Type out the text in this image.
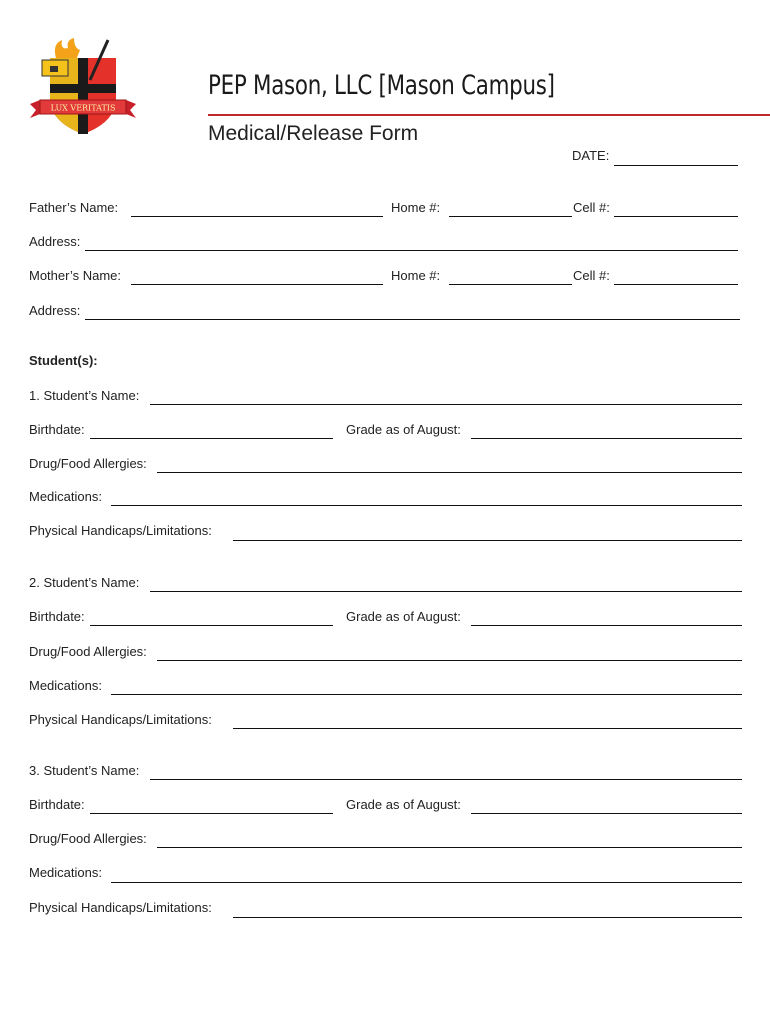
LUX VERITATIS
PEP Mason, LLC [Mason Campus]
Medical/Release Form
DATE:
Father’s Name:	Home #:	Cell #:
Address:
Mother’s Name:	Home #:	Cell #:
Address:
Student(s):
1. Student’s Name:
Birthdate:	Grade as of August:
Drug/Food Allergies:
Medications:
Physical Handicaps/Limitations:
2. Student’s Name:
Birthdate:	Grade as of August:
Drug/Food Allergies:
Medications:
Physical Handicaps/Limitations:
3. Student’s Name:
Birthdate:	Grade as of August:
Drug/Food Allergies:
Medications:
Physical Handicaps/Limitations:
